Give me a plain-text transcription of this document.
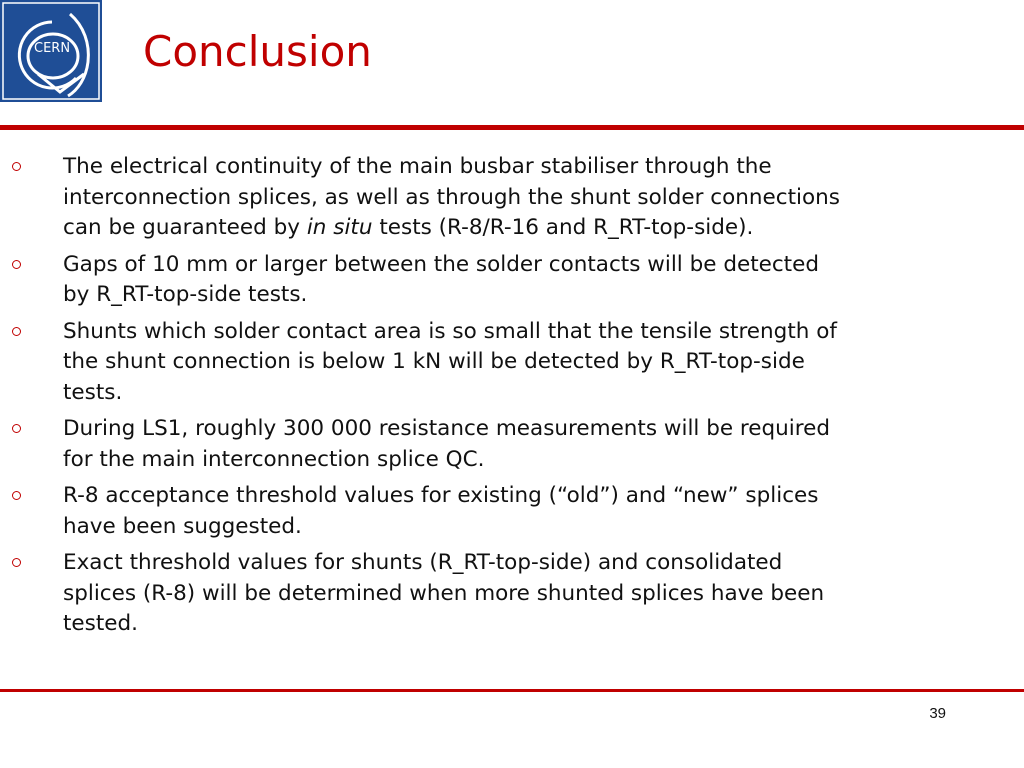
CERN Conclusion
The electrical continuity of the main busbar stabiliser through the
interconnection splices, as well as through the shunt solder connections
can be guaranteed by in situ tests (R-8/R-16 and R_RT-top-side).
Gaps of 10 mm or larger between the solder contacts will be detected
by R_RT-top-side tests.
Shunts which solder contact area is so small that the tensile strength of
the shunt connection is below 1 kN will be detected by R_RT-top-side
tests.
During LS1, roughly 300 000 resistance measurements will be required
for the main interconnection splice QC.
R-8 acceptance threshold values for existing (“old”) and “new” splices
have been suggested.
Exact threshold values for shunts (R_RT-top-side) and consolidated
splices (R-8) will be determined when more shunted splices have been
tested.
39
